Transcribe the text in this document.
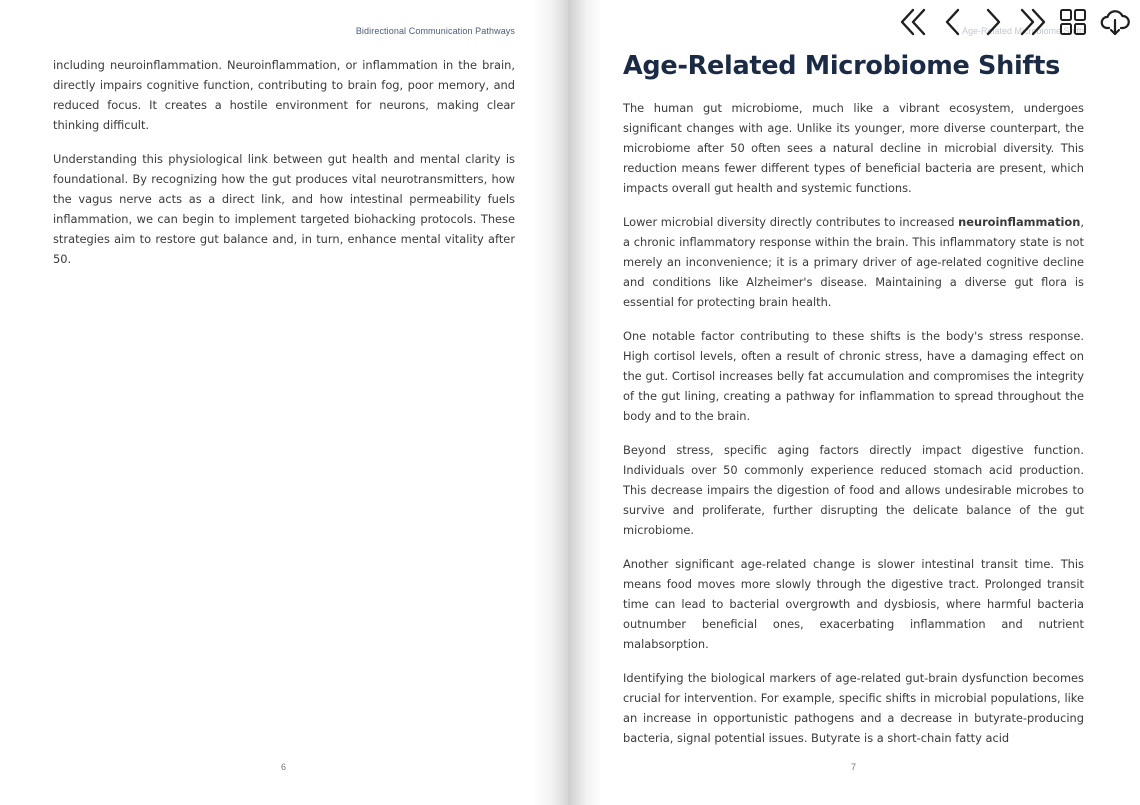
Bidirectional Communication Pathways

including neuroinflammation. Neuroinflammation, or inflammation in the brain, directly impairs cognitive function, contributing to brain fog, poor memory, and reduced focus. It creates a hostile environment for neurons, making clear thinking difficult.

Understanding this physiological link between gut health and mental clarity is foundational. By recognizing how the gut produces vital neurotransmitters, how the vagus nerve acts as a direct link, and how intestinal permeability fuels inflammation, we can begin to implement targeted biohacking protocols. These strategies aim to restore gut balance and, in turn, enhance mental vitality after 50.

6
Age-Related Microbiome Shifts
Age-Related Microbiome Shifts

The human gut microbiome, much like a vibrant ecosystem, undergoes significant changes with age. Unlike its younger, more diverse counterpart, the microbiome after 50 often sees a natural decline in microbial diversity. This reduction means fewer different types of beneficial bacteria are present, which impacts overall gut health and systemic functions.

Lower microbial diversity directly contributes to increased neuroinflammation, a chronic inflammatory response within the brain. This inflammatory state is not merely an inconvenience; it is a primary driver of age-related cognitive decline and conditions like Alzheimer's disease. Maintaining a diverse gut flora is essential for protecting brain health.

One notable factor contributing to these shifts is the body's stress response. High cortisol levels, often a result of chronic stress, have a damaging effect on the gut. Cortisol increases belly fat accumulation and compromises the integrity of the gut lining, creating a pathway for inflammation to spread throughout the body and to the brain.

Beyond stress, specific aging factors directly impact digestive function. Individuals over 50 commonly experience reduced stomach acid production. This decrease impairs the digestion of food and allows undesirable microbes to survive and proliferate, further disrupting the delicate balance of the gut microbiome.

Another significant age-related change is slower intestinal transit time. This means food moves more slowly through the digestive tract. Prolonged transit time can lead to bacterial overgrowth and dysbiosis, where harmful bacteria outnumber beneficial ones, exacerbating inflammation and nutrient malabsorption.

Identifying the biological markers of age-related gut-brain dysfunction becomes crucial for intervention. For example, specific shifts in microbial populations, like an increase in opportunistic pathogens and a decrease in butyrate-producing bacteria, signal potential issues. Butyrate is a short-chain fatty acid

7
